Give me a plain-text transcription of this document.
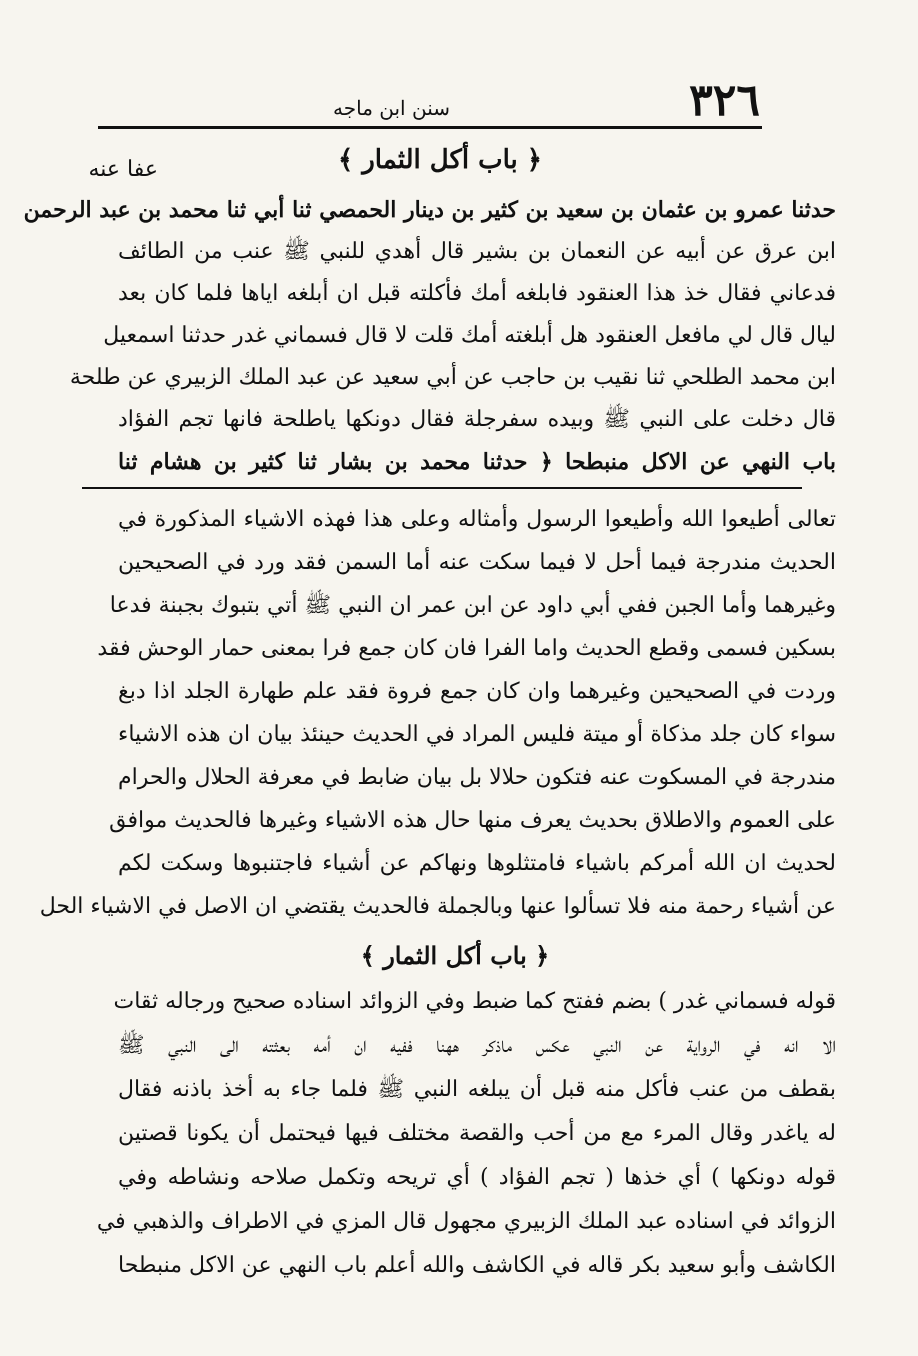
٣٢٦
سنن ابن ماجه
عفا عنه	﴿ باب أكل الثمار ﴾
حدثنا عمرو بن عثمان بن سعيد بن كثير بن دينار الحمصي ثنا أبي ثنا محمد بن عبد الرحمن
ابن عرق عن أبيه عن النعمان بن بشير قال أهدي للنبي ﷺ عنب من الطائف
فدعاني فقال خذ هذا العنقود فابلغه أمك فأكلته قبل ان أبلغه اياها فلما كان بعد
ليال قال لي مافعل العنقود هل أبلغته أمك قلت لا قال فسماني غدر حدثنا اسمعيل
ابن محمد الطلحي ثنا نقيب بن حاجب عن أبي سعيد عن عبد الملك الزبيري عن طلحة
قال دخلت على النبي ﷺ وبيده سفرجلة فقال دونكها ياطلحة فانها تجم الفؤاد
باب النهي عن الاكل منبطحا ﴿ حدثنا محمد بن بشار ثنا كثير بن هشام ثنا
تعالى أطيعوا الله وأطيعوا الرسول وأمثاله وعلى هذا فهذه الاشياء المذكورة في
الحديث مندرجة فيما أحل لا فيما سكت عنه أما السمن فقد ورد في الصحيحين
وغيرهما وأما الجبن ففي أبي داود عن ابن عمر ان النبي ﷺ أتي بتبوك بجبنة فدعا
بسكين فسمى وقطع الحديث واما الفرا فان كان جمع فرا بمعنى حمار الوحش فقد
وردت في الصحيحين وغيرهما وان كان جمع فروة فقد علم طهارة الجلد اذا دبغ
سواء كان جلد مذكاة أو ميتة فليس المراد في الحديث حينئذ بيان ان هذه الاشياء
مندرجة في المسكوت عنه فتكون حلالا بل بيان ضابط في معرفة الحلال والحرام
على العموم والاطلاق بحديث يعرف منها حال هذه الاشياء وغيرها فالحديث موافق
لحديث ان الله أمركم باشياء فامتثلوها ونهاكم عن أشياء فاجتنبوها وسكت لكم
عن أشياء رحمة منه فلا تسألوا عنها وبالجملة فالحديث يقتضي ان الاصل في الاشياء الحل
﴿ باب أكل الثمار ﴾
قوله فسماني غدر ) بضم ففتح كما ضبط وفي الزوائد اسناده صحيح ورجاله ثقات
الا انه في الرواية عن النبي عكس ماذكر ههنا ففيه ان أمه بعثته الى النبي ﷺ
بقطف من عنب فأكل منه قبل أن يبلغه النبي ﷺ فلما جاء به أخذ باذنه فقال
له ياغدر وقال المرء مع من أحب والقصة مختلف فيها فيحتمل أن يكونا قصتين
قوله دونكها ) أي خذها ( تجم الفؤاد ) أي تريحه وتكمل صلاحه ونشاطه وفي
الزوائد في اسناده عبد الملك الزبيري مجهول قال المزي في الاطراف والذهبي في
الكاشف وأبو سعيد بكر قاله في الكاشف والله أعلم باب النهي عن الاكل منبطحا
